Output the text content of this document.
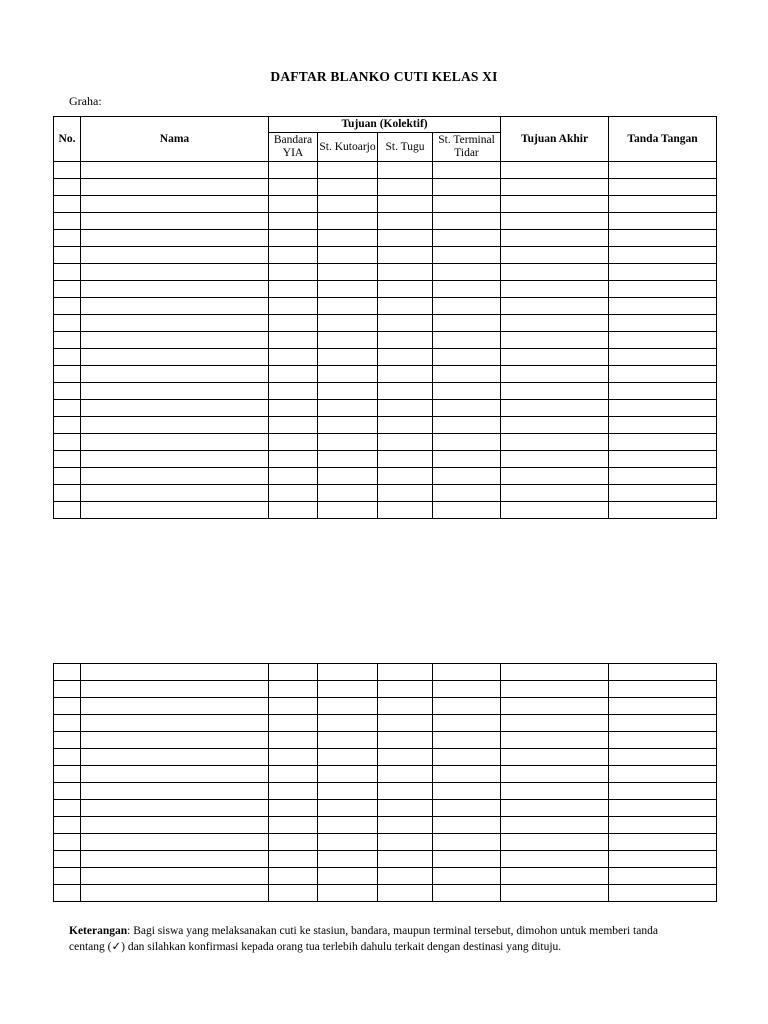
DAFTAR BLANKO CUTI KELAS XI
Graha:
No.	Nama	Tujuan (Kolektif)				Tujuan Akhir	Tanda Tangan
		Bandara YIA	St. Kutoarjo	St. Tugu	St. Terminal Tidar		

Keterangan: Bagi siswa yang melaksanakan cuti ke stasiun, bandara, maupun terminal tersebut, dimohon untuk memberi tanda centang (✓) dan silahkan konfirmasi kepada orang tua terlebih dahulu terkait dengan destinasi yang dituju.
